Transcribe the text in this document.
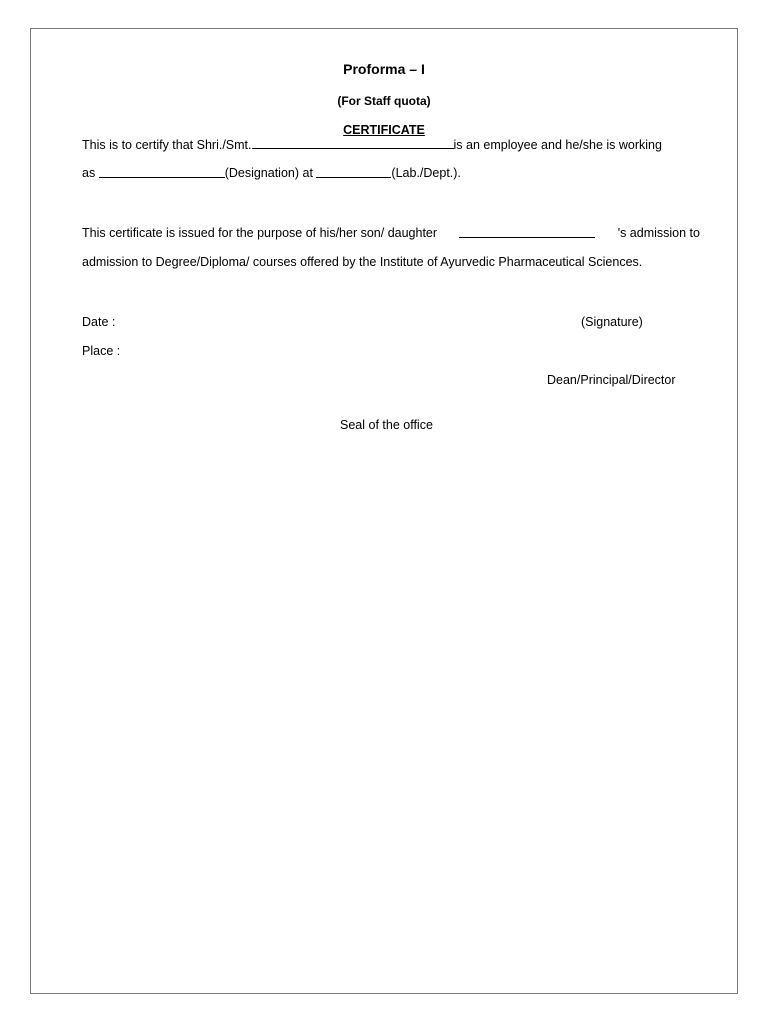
Proforma – I
(For Staff quota)
CERTIFICATE
This is to certify that Shri./Smt.	is an employee and he/she is working
as
	(Designation) at
	(Lab./Dept.).
This certificate is issued for the purpose of his/her son/ daughter	's admission to
admission to Degree/Diploma/ courses offered by the Institute of Ayurvedic Pharmaceutical Sciences.
Date :	(Signature)
Place :
Dean/Principal/Director
Seal of the office
